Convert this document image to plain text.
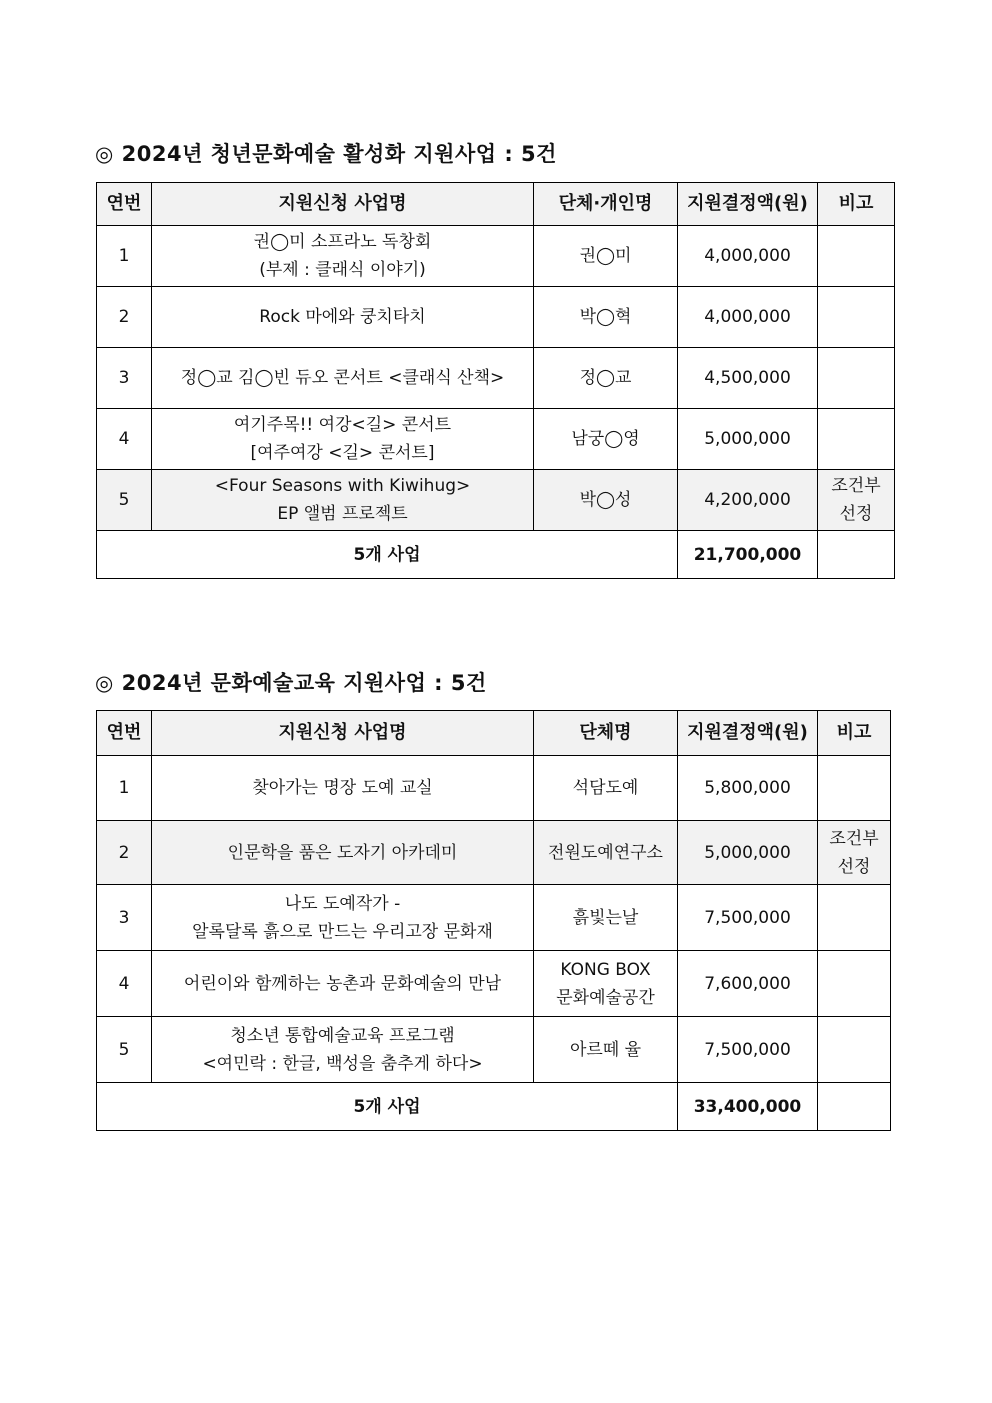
◎ 2024년 청년문화예술 활성화 지원사업 : 5건
연번	지원신청 사업명	단체·개인명	지원결정액(원)	비고
1	권◯미 소프라노 독창회
(부제 : 클래식 이야기)	권◯미	4,000,000	

2	Rock 마에와 쿵치타치	박◯혁	4,000,000	

3	정◯교 김◯빈 듀오 콘서트 <클래식 산책>	정◯교	4,500,000	

4	여기주목!! 여강<길> 콘서트
[여주여강 <길> 콘서트]	남궁◯영	5,000,000	

5	<Four Seasons with Kiwihug>
EP 앨범 프로젝트	박◯성	4,200,000	조건부
선정

5개 사업			21,700,000	
◎ 2024년 문화예술교육 지원사업 : 5건
연번	지원신청 사업명	단체명	지원결정액(원)	비고
1	찾아가는 명장 도예 교실	석담도예	5,800,000	

2	인문학을 품은 도자기 아카데미	전원도예연구소	5,000,000	조건부
선정

3	나도 도예작가 -
알록달록 흙으로 만드는 우리고장 문화재	흙빛는날	7,500,000	

4	어린이와 함께하는 농촌과 문화예술의 만남	KONG BOX
문화예술공간	7,600,000	

5	청소년 통합예술교육 프로그램
<여민락 : 한글, 백성을 춤추게 하다>	아르떼 율	7,500,000	

5개 사업			33,400,000	
